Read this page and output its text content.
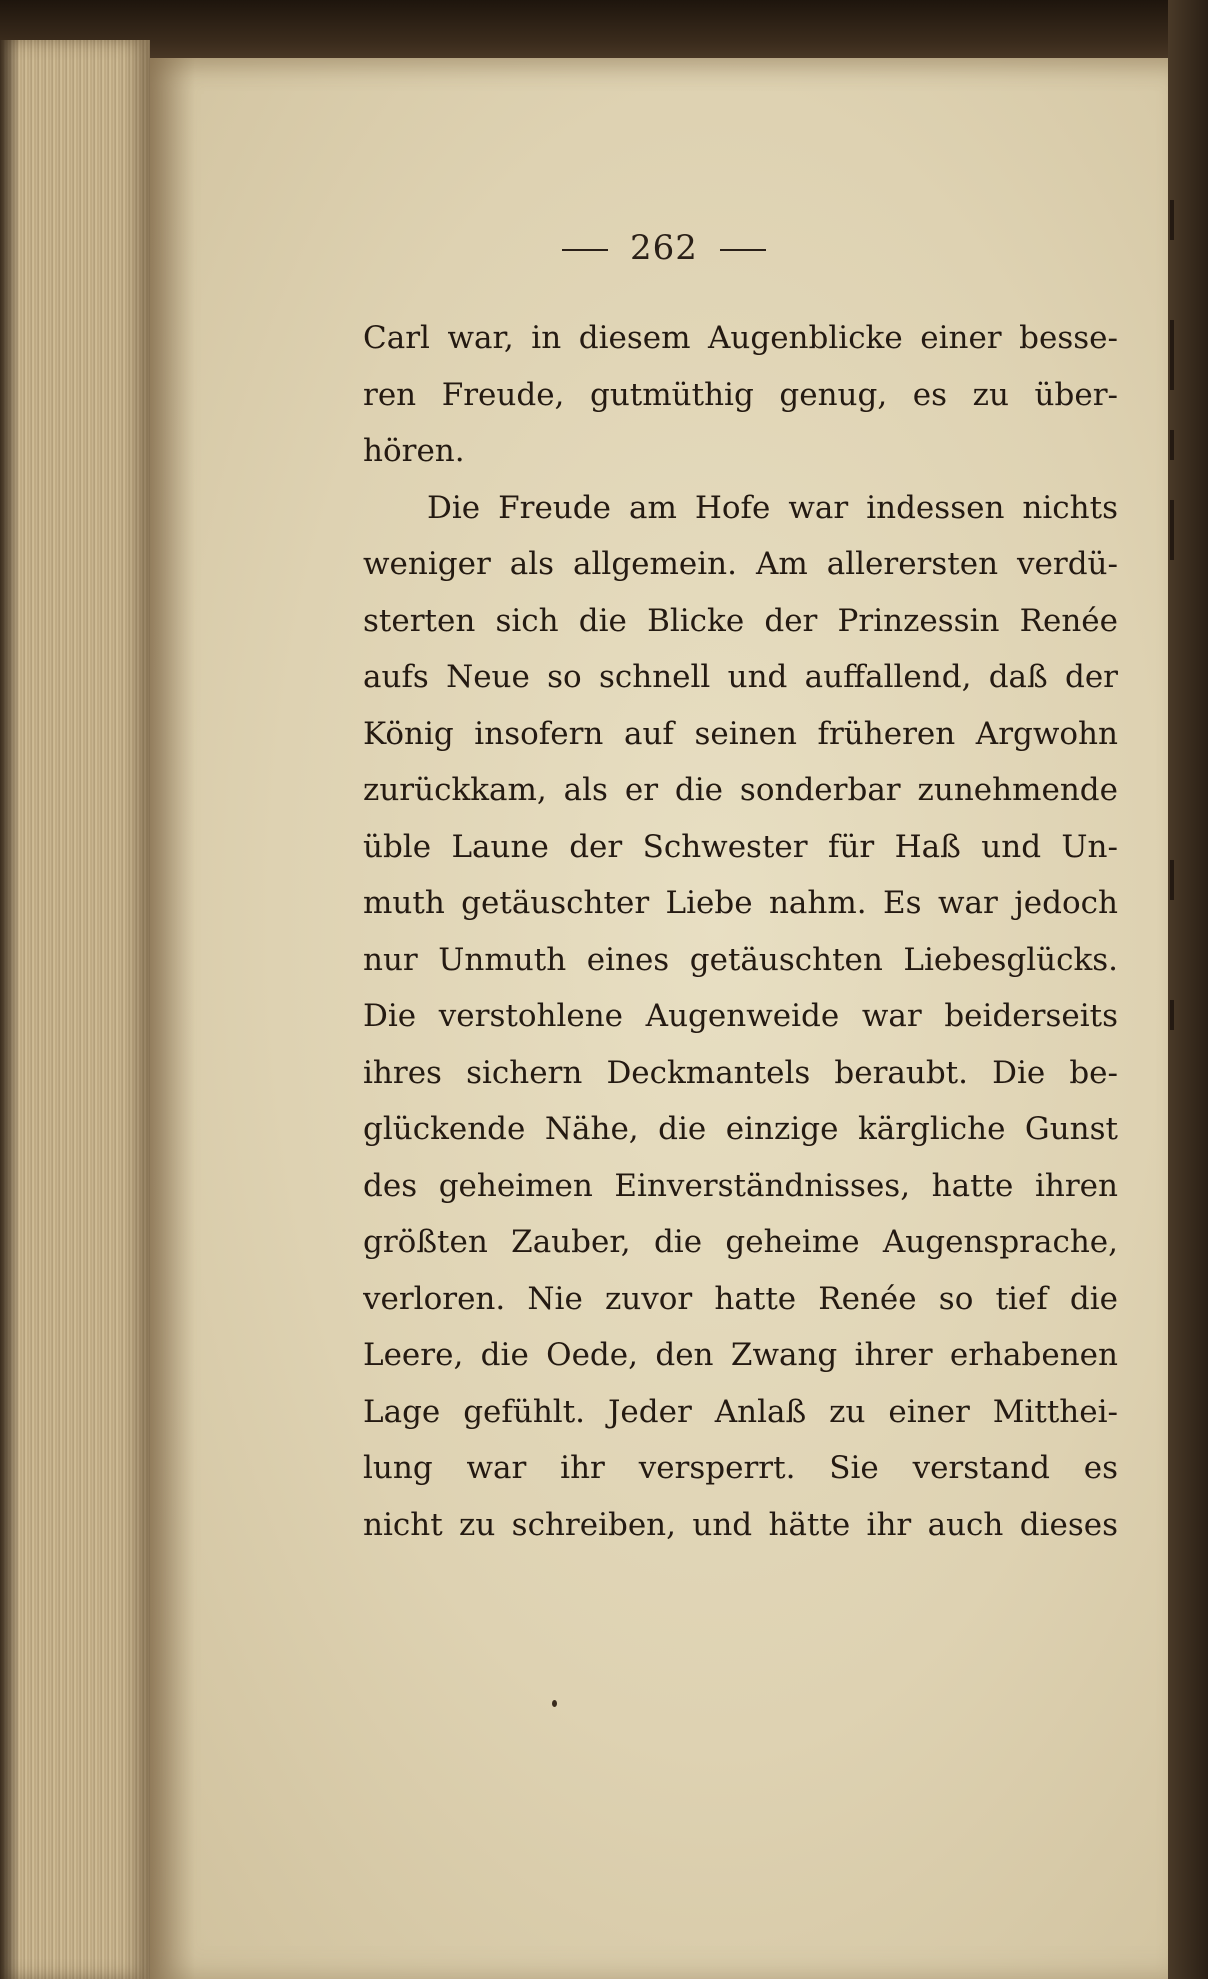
262
Carl war, in diesem Augenblicke einer besse-
ren Freude, gutmüthig genug, es zu über-
hören.
Die Freude am Hofe war indessen nichts
weniger als allgemein. Am allerersten verdü-
sterten sich die Blicke der Prinzessin Renée
aufs Neue so schnell und auffallend, daß der
König insofern auf seinen früheren Argwohn
zurückkam, als er die sonderbar zunehmende
üble Laune der Schwester für Haß und Un-
muth getäuschter Liebe nahm. Es war jedoch
nur Unmuth eines getäuschten Liebesglücks.
Die verstohlene Augenweide war beiderseits
ihres sichern Deckmantels beraubt. Die be-
glückende Nähe, die einzige kärgliche Gunst
des geheimen Einverständnisses, hatte ihren
größten Zauber, die geheime Augensprache,
verloren. Nie zuvor hatte Renée so tief die
Leere, die Oede, den Zwang ihrer erhabenen
Lage gefühlt. Jeder Anlaß zu einer Mitthei-
lung war ihr versperrt. Sie verstand es
nicht zu schreiben, und hätte ihr auch dieses
